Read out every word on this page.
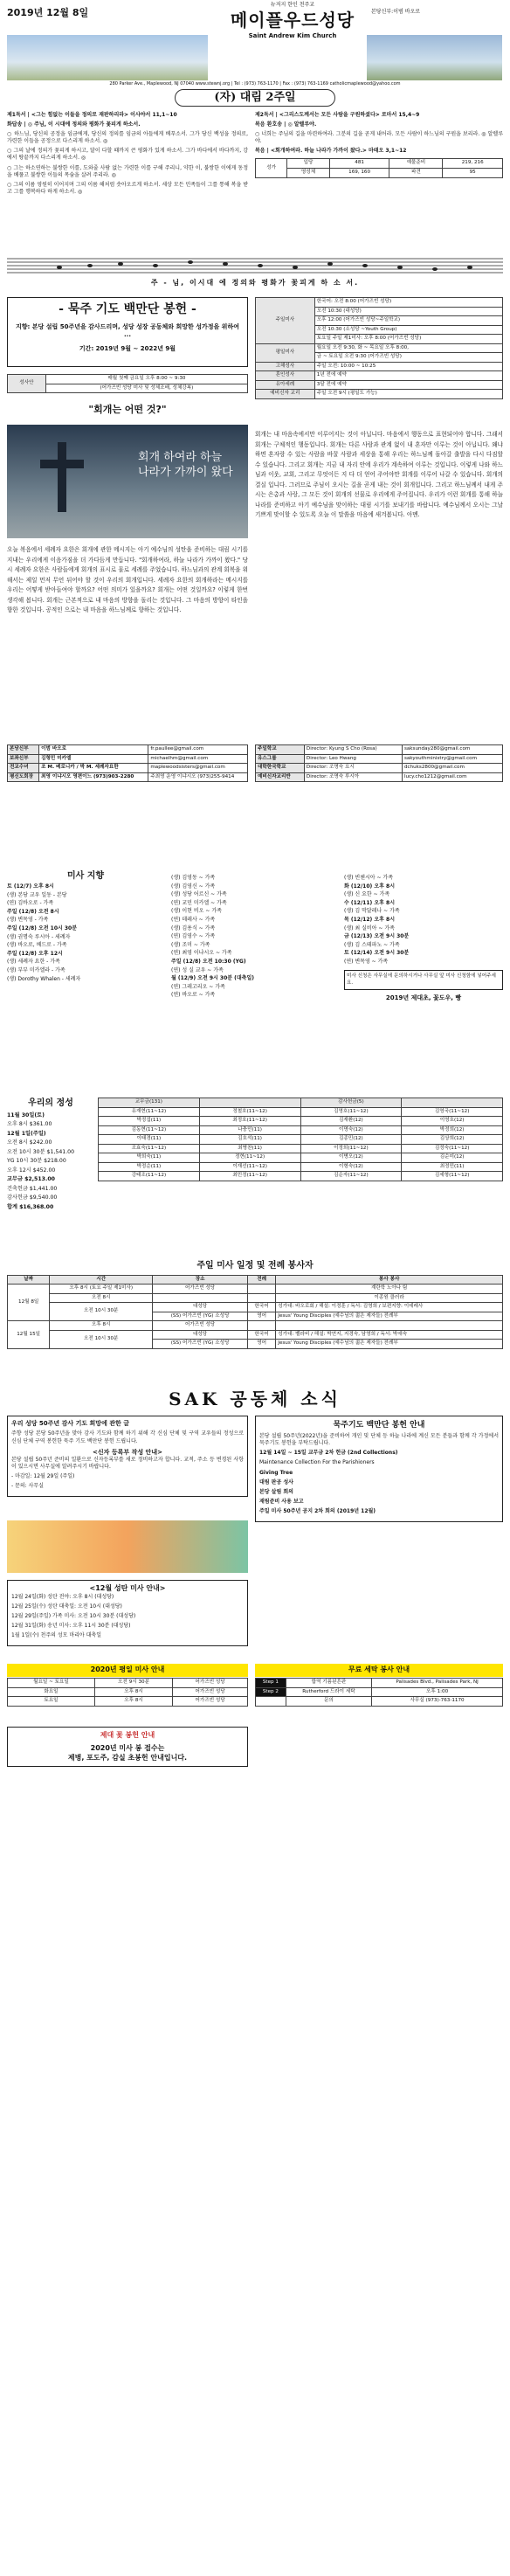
2019년 12월 8일
뉴저지 한인 천주교
메이플우드성당
Saint Andrew Kim Church
본당신부:이범 바오로
280 Parker Ave., Maplewood, NJ 07040 www.stewnj.org | Tel : (973) 763-1170 | Fax : (973) 763-1169 catholicmaplewood@yahoo.com
(자) 대림 2주일
제1독서 | <그는 힘없는 이들을 정의로 재판하리라> 이사야서 11,1~10
화답송 | ◎ 주님, 이 시대에 정의와 평화가 꽃피게 하소서.
○ 하느님, 당신의 공정을 임금에게, 당신의 정의를 임금의 아들에게 베푸소서. 그가 당신 백성을 정의로, 가련한 이들을 공정으로 다스리게 하소서. ◎
○ 그의 날에 정의가 꽃피게 하시고, 달이 다할 때까지 큰 평화가 있게 하소서. 그가 바다에서 바다까지, 강에서 땅끝까지 다스리게 하소서. ◎
○ 그는 하소연하는 불쌍한 이를, 도와줄 사람 없는 가련한 이를 구해 주리니, 약한 이, 불쌍한 이에게 동정을 베풀고 불쌍한 이들의 목숨을 살려 주리라. ◎
○ 그의 이름 영원히 이어지며 그의 이름 해처럼 솟아오르게 하소서. 세상 모든 민족들이 그를 통해 복을 받고 그를 행복하다 하게 하소서. ◎
제2독서 | <그리스도께서는 모든 사람을 구원하셨다> 로마서 15,4~9
복음 환호송 | ◎ 알렐루야.
○ 너희는 주님의 길을 마련하여라. 그분의 길을 곧게 내어라. 모든 사람이 하느님의 구원을 보리라. ◎ 알렐루야.
복음 | <회개하여라. 하늘 나라가 가까이 왔다.> 마태오 3,1~12
성가	입당	481	예물준비	219, 216
	영성체	169, 160	파견	95
주 - 님, 이시대 에 정의와 평화가 꽃피게 하 소 서.
- 묵주 기도 백만단 봉헌 -
지향: 본당 설립 50주년을 감사드리며, 성당 성장 공동체와 희망한 성가정을 위하여 ...
기간: 2019년 9월 ~ 2022년 9월
성사안	매월 첫째 금요일 오후 8:00 ~ 9:30
(어가즈빈 성당 미사 및 성체조배, 성체강복)
주일미사	한국어: 오전 8:00 (어가즈빈 성당)
	오전 10:30 (대성당)
	오후 12:00 (어가즈빈 성당~주일학교)
	오전 10:30 (소성당 ~Youth Group)
	토요일 주일 제1미사: 오후 8:00 (어가즈빈 성당)
평일미사	월요일 오전 9:30, 화 ~ 목요일 오후 8:00,
	금 ~ 토요일 오전 9:30 (어가즈빈 성당)
고해성사	주일 오전: 10:00 ~ 10:25
혼인성사	1년 전에 예약
유아세례	3달 전에 예약
예비신자 교리	주일 오전 9시 (평일도 가능)
"회개는 어떤 것?"
회개 하여라 하늘 나라가 가까이 왔다
오늘 복음에서 세례자 요한은 회개에 관한 메시지는 아기 예수님의 성탄을 준비하는 대림 시기를 지내는 우리에게 이음가짐을 더 가다듬게 만듭니다. "회개하여라, 하늘 나라가 가까이 왔다." 당시 세례자 요한은 사람들에게 회개의 표시로 물로 세례를 주었습니다. 하느님과의 관계 회복을 위해서는 제일 먼저 무언 뒤어야 할 것이 우리의 회개입니다. 세례자 요한의 회개하라는 메시지를 우리는 어떻게 받아들여야 할까요? 어떤 의미가 있을까요? 회개는 어떤 것일까요? 이렇게 한번 생각해 봅니다. 회개는 근본적으로 내 마음의 방향을 돌리는 것입니다. 그 마음의 방향이 타인을 향한 것입니다. 공적인 으로는 내 마음을 하느님께로 향하는 것입니다.
회개는 내 마음속에서만 이루어지는 것이 아닙니다. 마음에서 행동으로 표현되어야 합니다. 그래서 회개는 구체적인 행동입니다. 회개는 다른 사람과 관계 없이 내 혼자만 이루는 것이 아닙니다. 왜냐하면 혼자랑 수 있는 사람을 바꿀 사람과 세상을 통해 우리는 하느님께 돌아갈 출발을 다시 다짐할 수 있습니다. 그리고 회개는 지금 내 자리 안에 우리가 계속하여 이루는 것입니다. 이렇게 나와 하느님과 이웃, 교회, 그리고 무엇이든 지 다 더 얻어 주어야만 회개를 이루어 나갈 수 있습니다. 회개의 결실 입니다. 그러므로 주님이 오시는 길을 곧게 내는 것이 회개입니다. 그리고 하느님께서 내게 주시는 은총과 사랑, 그 모든 것이 회개의 선물로 우리에게 주어집니다. 우리가 이런 회개를 통해 하늘 나라를 준비하고 아기 예수님을 맞이하는 대림 시기를 보내기를 바랍니다. 예수님께서 오시는 그날 기쁘게 맞이할 수 있도록 오늘 이 말씀을 마음에 새겨봅니다. 아멘.
본당신부	이범 바오로	fr.paullee@gmail.com
보좌신부	김형민 미카엘	michaelhm@gmail.com
전교수녀	조 M. 베로니카 / 박 M. 세례자요한	maplewoodsisters@gmail.com
평신도회장	최영 이냐시오 영편이느 (973)903-2280	주최영 운영 이냐시오 (973)255-9414
주일학교	Director: Kyung S Cho (Rosa)	saksunday280@gmail.com
유스그룹	Director: Leo Hwang	sakyouthministry@gmail.com
대학한국학교	Director: 조명숙 요시	dchuks2800@gmail.com
예비신자교리반	Director: 조명숙 루시아	lucy.cho1212@gmail.com
미사 지향
토 (12/7) 오후 8시
(생) 본당 교우 일동 - 본당
(연) 김바오로 - 가족
주일 (12/8) 오전 8시
(생) 변목영 - 가족
주일 (12/8) 오전 10시 30분
(생) 권명숙 루시아 - 세례자
(생) 바오로, 베드로 - 가족
주일 (12/8) 오후 12시
(생) 세례자 요한 - 가족
(생) 부부 미카엘라 - 가족
(생) Dorothy Whalen - 세례자
(생) 김영동 ~ 가족
(생) 김영신 ~ 가족
(생) 성당 어르신 ~ 가족
(연) 교민 미카엘 ~ 가족
(생) 이현 비오 ~ 가족
(연) 데레사 ~ 가족
(생) 김용식 ~ 가족
(연) 김영수 ~ 가족
(생) 조미 ~ 가족
(연) 최영 이냐시오 ~ 가족
주일 (12/8) 오전 10:30 (YG)
(연) 성 실 교우 ~ 가족
월 (12/9) 오전 9시 30분 (대축일)
(연) 그레고리오 ~ 가족
(연) 바오로 ~ 가족
(생) 빈첸시아 ~ 가족
화 (12/10) 오후 8시
(생) 신 요한 ~ 가족
수 (12/11) 오후 8시
(생) 김 막달레나 ~ 가족
목 (12/12) 오후 8시
(생) 최 실비아 ~ 가족
금 (12/13) 오전 9시 30분
(생) 김 스테파노 ~ 가족
토 (12/14) 오전 9시 30분
(연) 변목영 ~ 가족
미사 신청은 사무실에 문의하시거나 사무실 앞 미사 신청함에 넣어주세요.
2019년 제대초, 꽃도우, 빵
우리의 정성
11월 30일(토)
오후 8시 $361.00
12월 1일(주일)
오전 8시 $242.00
오전 10시 30분 $1,541.00
YG 10시 30분 $218.00
오후 12시 $452.00
교무금 $2,513.00
건축헌금 $1,441.00
감사헌금 $9,540.00
합계 $16,368.00
교무금(131)		감사헌금(5)	
유재현(11~12)	정철호(11~12)	김영호(11~12)	김영국(11~12)
박정섭(11)	최정호(11~12)	김재환(12)	이영호(12)
김동현(11~12)	나충민(11)	이명숙(12)	박정희(12)
이태경(11)	김호석(11)	김종민(12)	김상희(12)
조효숙(11~12)	최병찬(11)	이정희(11~12)	김정숙(11~12)
박희숙(11)	정현(11~12)	이병오(12)	김순미(12)
박정순(11)	이재선(11~12)	이형숙(12)	최정민(11)
강태조(11~12)	최민정(11~12)	김순자(11~12)	김세형(11~12)
주일 미사 일정 및 전례 봉사자
날짜	시간	장소	전례	봉사 봉사
12월 8일	오후 8시 (토요 주일 제1미사)	어가즈빈 성당		계란학 노아나 팀
	오전 8시			이종원 클러라
	오전 10시 30분	대성당	한국어	성가대: 바오로회 / 해설: 이정훈 / 독서: 김영희 / 보편지향: 이데레사
		(SS) 어가즈빈 (YG) 소성당	영어	Jesus' Young Disciples (예수님의 젊은 제자들) 전례부
12월 15일	오후 8시	어가즈빈 성당		
	오전 10시 30분	대성당	한국어	성가대: 벨라비 / 해설: 박연지, 지경숙, 남영희 / 독서: 박애숙
		(SS) 어가즈빈 (YG) 소성당	영어	Jesus' Young Disciples (예수님의 젊은 제자들) 전례부
SAK 공동체 소식
우리 성당 50주년 감사 기도 희망에 관한 글
주향 성당 본당 50주년을 맞아 감사 기도와 함께 하기 위해 각 신심 단체 및 구역 교우들의 정성으로 신심 단체 구역 봉헌한 묵주 기도 백만단 봉헌 드립니다.
<신자 등록부 작성 안내>
본당 설립 50주년 준비의 일환으로 신자등록부를 새로 정비하고자 합니다. 교적, 주소 등 변경된 사항이 있으시면 사무실에 알려주시기 바랍니다.
- 마감일: 12월 29일 (주일)
- 문의: 사무실
<12월 성탄 미사 안내>
12월 24일(화) 성탄 전야: 오후 8시 (대성당)
12월 25일(수) 성탄 대축일: 오전 10시 (대성당)
12월 29일(주일) 가족 미사: 오전 10시 30분 (대성당)
12월 31일(화) 송년 미사: 오후 11시 30분 (대성당)
1월 1일(수) 천주의 성모 마리아 대축일
2020년 평일 미사 안내
월요일 ~ 토요일	오전 9시 30분	어가즈빈 성당
화요일	오후 8시	어가즈빈 성당
토요일	오후 8시	어가즈빈 성당
제대 꽃 봉헌 안내
2020년 미사 봉 접수는
제병, 포도주, 감실 초봉헌 안내입니다.
묵주기도 백만단 봉헌 안내
본당 설립 50주년(2022년)을 준비하여 개인 및 단체 등 하늘 나라에 계신 모든 분들과 함께 각 가정에서 묵주기도 봉헌을 부탁드립니다.
12월 14일 ~ 15일 교무금 2차 헌금 (2nd Collections)
Maintenance Collection For the Parishioners
Giving Tree
대림 판공 성사
본당 살림 회의
재림준비 사용 보고
주일 미사 50주년 공지 2차 회의 (2019년 12월)
무료 세탁 봉사 안내
Step 1	합역 기름된흔판	Palisades Blvd., Palisades Park, NJ
Step 2	Rutherford 드라이 세탁	오후 1:00
	문의	사무실 (973)-763-1170
